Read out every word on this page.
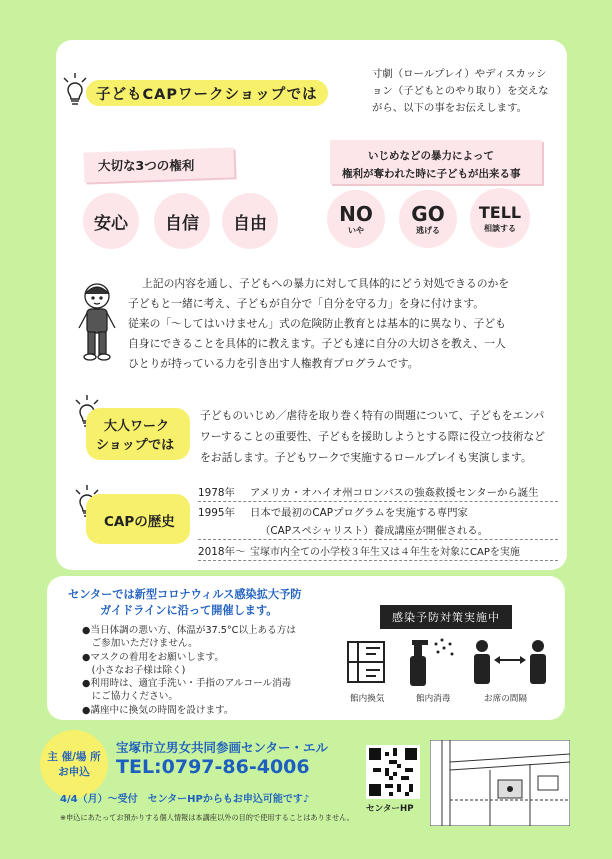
子どもCAPワークショップでは
寸劇（ロールプレイ）やディスカッション（子どもとのやり取り）を交えながら、以下の事をお伝えします。
大切な3つの権利
安心 自信 自由
いじめなどの暴力によって
権利が奪われた時に子どもが出来る事
NO
いや
GO
逃げる
TELL
相談する
上記の内容を通し、子どもへの暴力に対して具体的にどう対処できるのかを
子どもと一緒に考え、子どもが自分で「自分を守る力」を身に付けます。
従来の「～してはいけません」式の危険防止教育とは基本的に異なり、子ども
自身にできることを具体的に教えます。子ども達に自分の大切さを教え、一人
ひとりが持っている力を引き出す人権教育プログラムです。
大人ワーク
ショップでは
子どものいじめ／虐待を取り巻く特有の問題について、子どもをエンパ
ワーすることの重要性、子どもを援助しようとする際に役立つ技術など
をお話します。子どもワークで実施するロールプレイも実演します。
CAPの歴史
1978年	アメリカ・オハイオ州コロンバスの強姦救援センターから誕生
1995年	日本で最初のCAPプログラムを実施する専門家
（CAPスペシャリスト）養成講座が開催される。
2018年～ 宝塚市内全ての小学校３年生又は４年生を対象にCAPを実施
センターでは新型コロナウィルス感染拡大予防
ガイドラインに沿って開催します。
●当日体調の悪い方、体温が37.5°C以上ある方は
　ご参加いただけません。
●マスクの着用をお願いします。
　(小さなお子様は除く)
●利用時は、適宜手洗い・手指のアルコール消毒
　にご協力ください。
●講座中に換気の時間を設けます。
感染予防対策実施中
館内換気	館内消毒	お席の間隔
主 催/場 所
お申込
宝塚市立男女共同参画センター・エル
TEL:0797-86-4006
4/4（月）～受付　センターHPからもお申込可能です♪
※申込にあたってお預かりする個人情報は本講座以外の目的で使用することはありません。
センターHP
